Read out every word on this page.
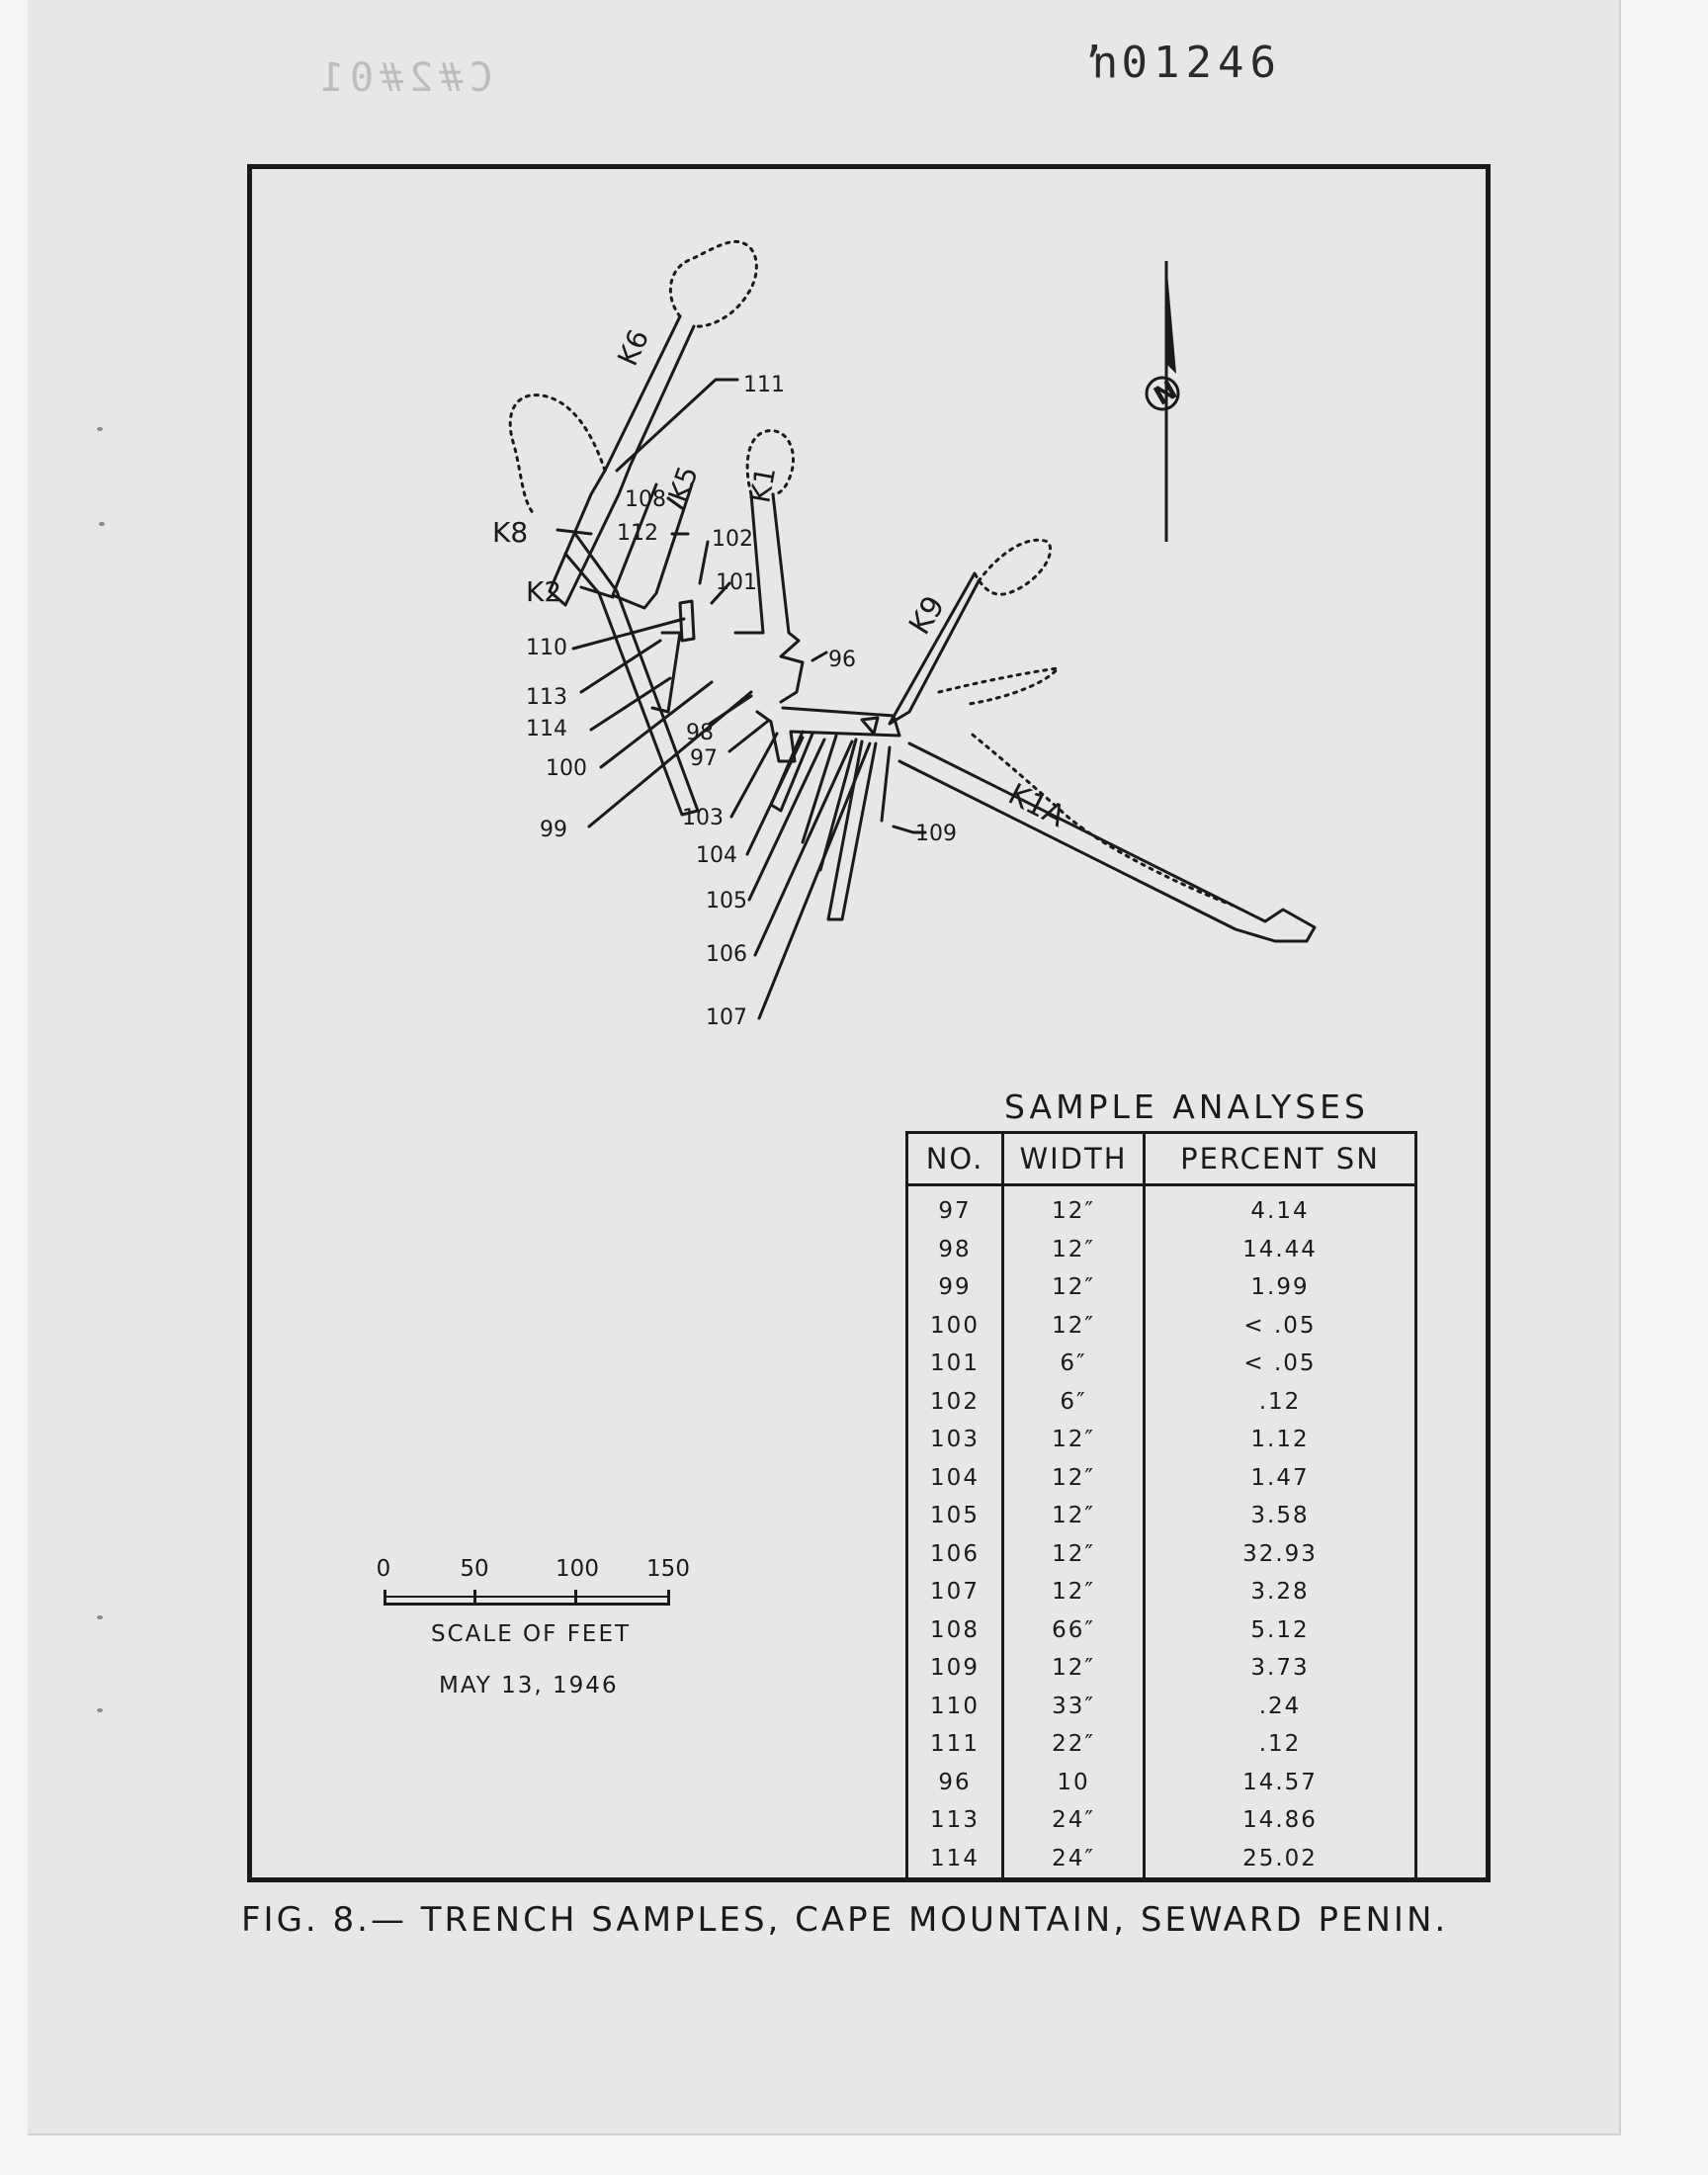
C#2#01	ŉ01246
K6
K5 K1
K8
K2	K9
K1A
111
108
112 102
101
110	96
113
114	98
97
100
99	103
104
105
106
107
109
N
0	50	100 150
SCALE OF FEET
MAY 13, 1946
SAMPLE ANALYSES
NO.	WIDTH	PERCENT SN
97	12″	4.14
98	12″	14.44
99	12″	1.99
100	12″	< .05
101	6″	< .05
102	6″	.12
103	12″	1.12
104	12″	1.47
105	12″	3.58
106	12″	32.93
107	12″	3.28
108	66″	5.12
109	12″	3.73
110	33″	.24
111	22″	.12
96	10	14.57
113	24″	14.86
114	24″	25.02
FIG. 8.— TRENCH SAMPLES, CAPE MOUNTAIN, SEWARD PENIN.
